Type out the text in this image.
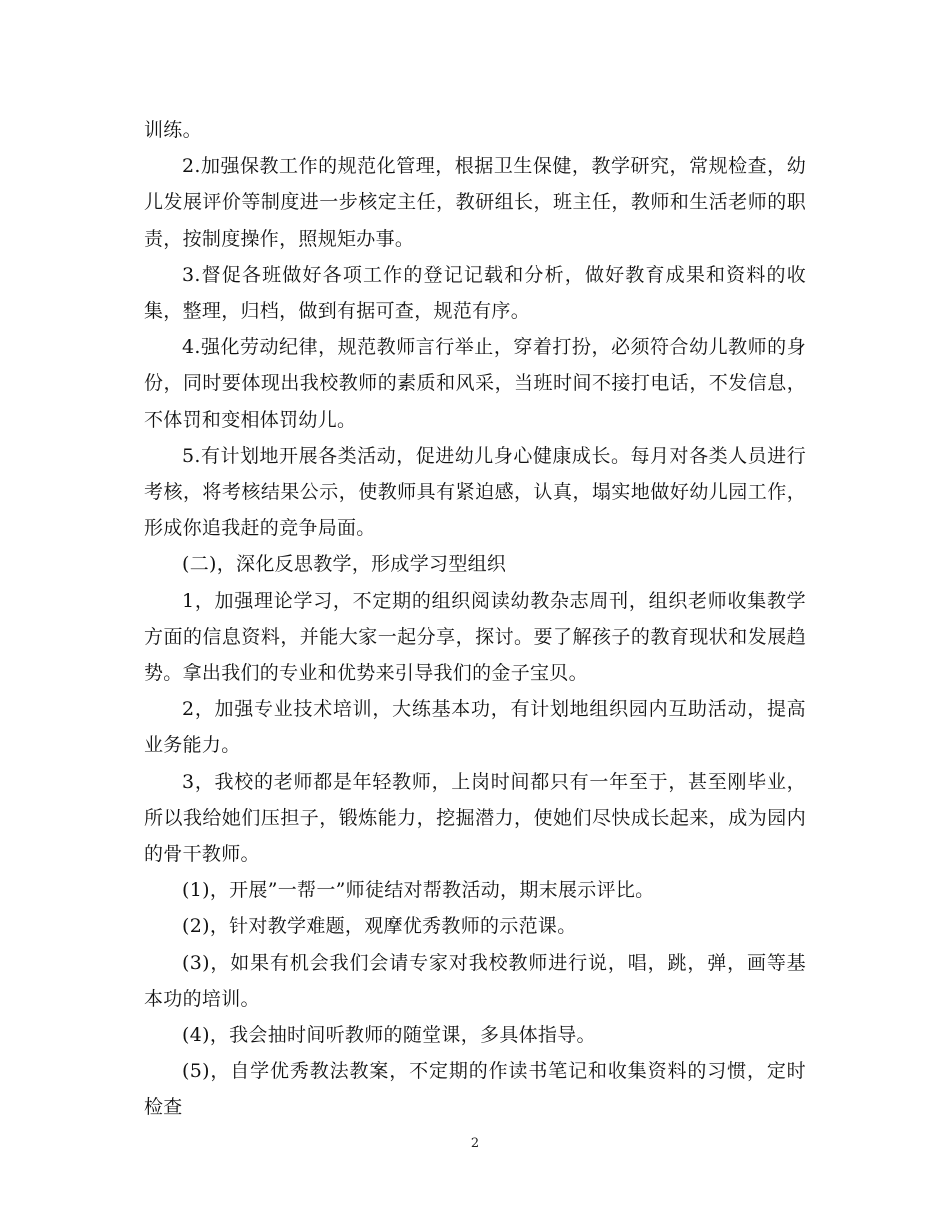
训练。

2.加强保教工作的规范化管理，根据卫生保健，教学研究，常规检查，幼儿发展评价等制度进一步核定主任，教研组长，班主任，教师和生活老师的职责，按制度操作，照规矩办事。

3.督促各班做好各项工作的登记记载和分析，做好教育成果和资料的收集，整理，归档，做到有据可查，规范有序。

4.强化劳动纪律，规范教师言行举止，穿着打扮，必须符合幼儿教师的身份，同时要体现出我校教师的素质和风采，当班时间不接打电话，不发信息，不体罚和变相体罚幼儿。

5.有计划地开展各类活动，促进幼儿身心健康成长。每月对各类人员进行考核，将考核结果公示，使教师具有紧迫感，认真，塌实地做好幼儿园工作，形成你追我赶的竞争局面。

(二)，深化反思教学，形成学习型组织

1，加强理论学习，不定期的组织阅读幼教杂志周刊，组织老师收集教学方面的信息资料，并能大家一起分享，探讨。要了解孩子的教育现状和发展趋势。拿出我们的专业和优势来引导我们的金子宝贝。

2，加强专业技术培训，大练基本功，有计划地组织园内互助活动，提高业务能力。

3，我校的老师都是年轻教师，上岗时间都只有一年至于，甚至刚毕业，所以我给她们压担子，锻炼能力，挖掘潜力，使她们尽快成长起来，成为园内的骨干教师。

(1)，开展”一帮一”师徒结对帮教活动，期末展示评比。

(2)，针对教学难题，观摩优秀教师的示范课。

(3)，如果有机会我们会请专家对我校教师进行说，唱，跳，弹，画等基本功的培训。

(4)，我会抽时间听教师的随堂课，多具体指导。

(5)，自学优秀教法教案，不定期的作读书笔记和收集资料的习惯，定时检查

2
